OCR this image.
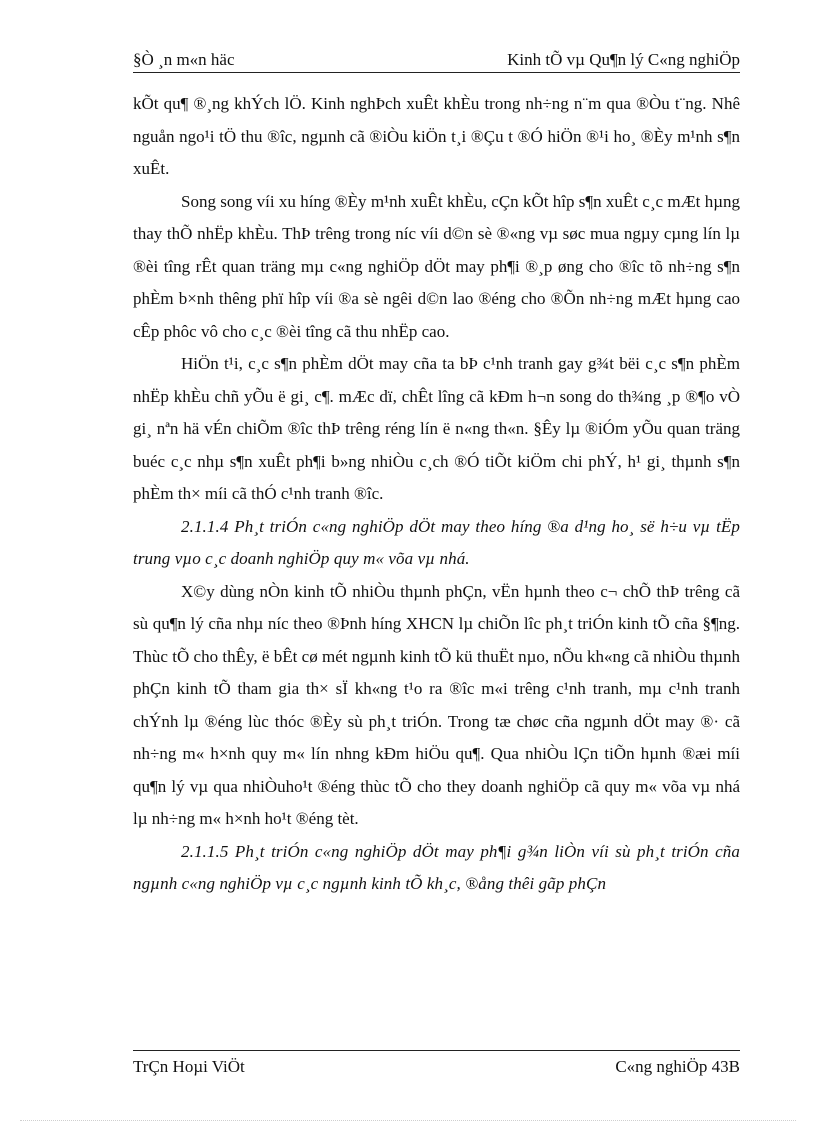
§Ò ¸n m«n häc	Kinh tÕ vµ Qu¶n lý C«ng nghiÖp

kÕt qu¶ ®¸ng khÝch lÖ. Kinh nghÞch xuÊt khÈu trong nh÷ng n¨m qua ®Òu t¨ng. Nhê nguån ngo¹i tÖ thu ®îc, ngµnh cã ®iÒu kiÖn t¸i ®Çu t ®Ó hiÖn ®¹i ho¸ ®Èy m¹nh s¶n xuÊt.

Song song víi xu híng ®Èy m¹nh xuÊt khÈu, cÇn kÕt hîp s¶n xuÊt c¸c mÆt hµng thay thÕ nhËp khÈu. ThÞ trêng trong níc víi d©n sè ®«ng vµ søc mua ngµy cµng lín lµ ®èi tîng rÊt quan träng mµ c«ng nghiÖp dÖt may ph¶i ®¸p øng cho ®îc tõ nh÷ng s¶n phÈm b×nh thêng phï hîp víi ®a sè ngêi d©n lao ®éng cho ®Õn nh÷ng mÆt hµng cao cÊp phôc vô cho c¸c ®èi tîng cã thu nhËp cao.

HiÖn t¹i, c¸c s¶n phÈm dÖt may cña ta bÞ c¹nh tranh gay g¾t bëi c¸c s¶n phÈm nhËp khÈu chñ yÕu ë gi¸ c¶. mÆc dï, chÊt lîng cã kÐm h¬n song do th¾ng ¸p ®¶o vÒ gi¸ nªn hä vÉn chiÕm ®îc thÞ trêng réng lín ë n«ng th«n. §Êy lµ ®iÓm yÕu quan träng buéc c¸c nhµ s¶n xuÊt ph¶i b»ng nhiÒu c¸ch ®Ó tiÕt kiÖm chi phÝ, h¹ gi¸ thµnh s¶n phÈm th× míi cã thÓ c¹nh tranh ®îc.

2.1.1.4 Ph¸t triÓn c«ng nghiÖp dÖt may theo híng ®a d¹ng ho¸ së h÷u vµ tËp trung vµo c¸c doanh nghiÖp quy m« võa vµ nhá.

X©y dùng nÒn kinh tÕ nhiÒu thµnh phÇn, vËn hµnh theo c¬ chÕ thÞ trêng cã sù qu¶n lý cña nhµ níc theo ®Þnh híng XHCN lµ chiÕn lîc ph¸t triÓn kinh tÕ cña §¶ng. Thùc tÕ cho thÊy, ë bÊt cø mét ngµnh kinh tÕ kü thuËt nµo, nÕu kh«ng cã nhiÒu thµnh phÇn kinh tÕ tham gia th× sÏ kh«ng t¹o ra ®îc m«i trêng c¹nh tranh, mµ c¹nh tranh chÝnh lµ ®éng lùc thóc ®Èy sù ph¸t triÓn. Trong tæ chøc cña ngµnh dÖt may ®· cã nh÷ng m« h×nh quy m« lín nhng kÐm hiÖu qu¶. Qua nhiÒu lÇn tiÕn hµnh ®æi míi qu¶n lý vµ qua nhiÒuho¹t ®éng thùc tÕ cho they doanh nghiÖp cã quy m« võa vµ nhá lµ nh÷ng m« h×nh ho¹t ®éng tèt.

2.1.1.5 Ph¸t triÓn c«ng nghiÖp dÖt may ph¶i g¾n liÒn víi sù ph¸t triÓn cña ngµnh c«ng nghiÖp vµ c¸c ngµnh kinh tÕ kh¸c, ®ång thêi gãp phÇn

TrÇn Hoµi ViÖt	C«ng nghiÖp 43B
